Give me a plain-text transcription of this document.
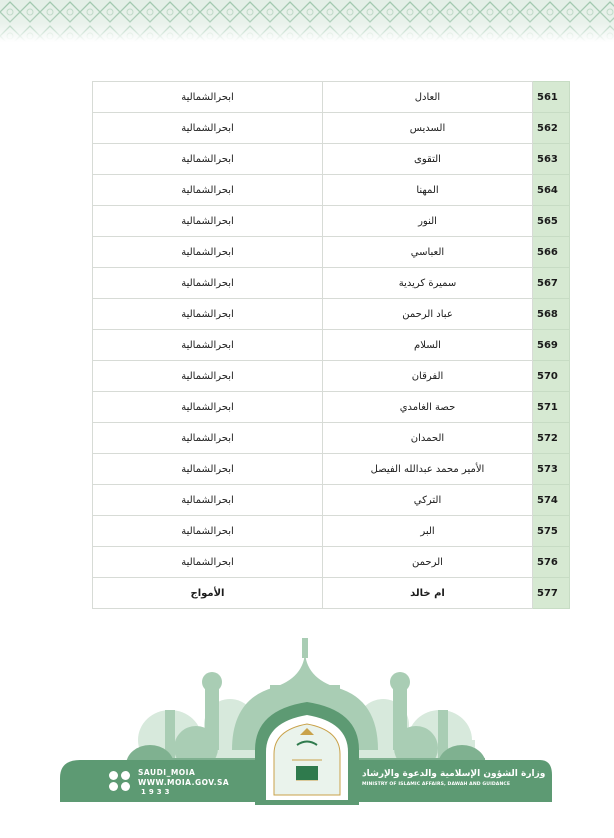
ابحرالشمالية	العادل	561
ابحرالشمالية	السديس	562
ابحرالشمالية	التقوى	563
ابحرالشمالية	المهنا	564
ابحرالشمالية	النور	565
ابحرالشمالية	العباسي	566
ابحرالشمالية	سميرة كريدية	567
ابحرالشمالية	عباد الرحمن	568
ابحرالشمالية	السلام	569
ابحرالشمالية	الفرقان	570
ابحرالشمالية	حصة الغامدي	571
ابحرالشمالية	الحمدان	572
ابحرالشمالية	الأمير محمد عبدالله الفيصل	573
ابحرالشمالية	التركي	574
ابحرالشمالية	البر	575
ابحرالشمالية	الرحمن	576
الأمواج	ام خالد	577
SAUDI_MOIA
WWW.MOIA.GOV.SA
1933
وزارة الشؤون الإسلامية والدعوة والإرشاد
MINISTRY OF ISLAMIC AFFAIRS, DAWAH AND GUIDANCE
